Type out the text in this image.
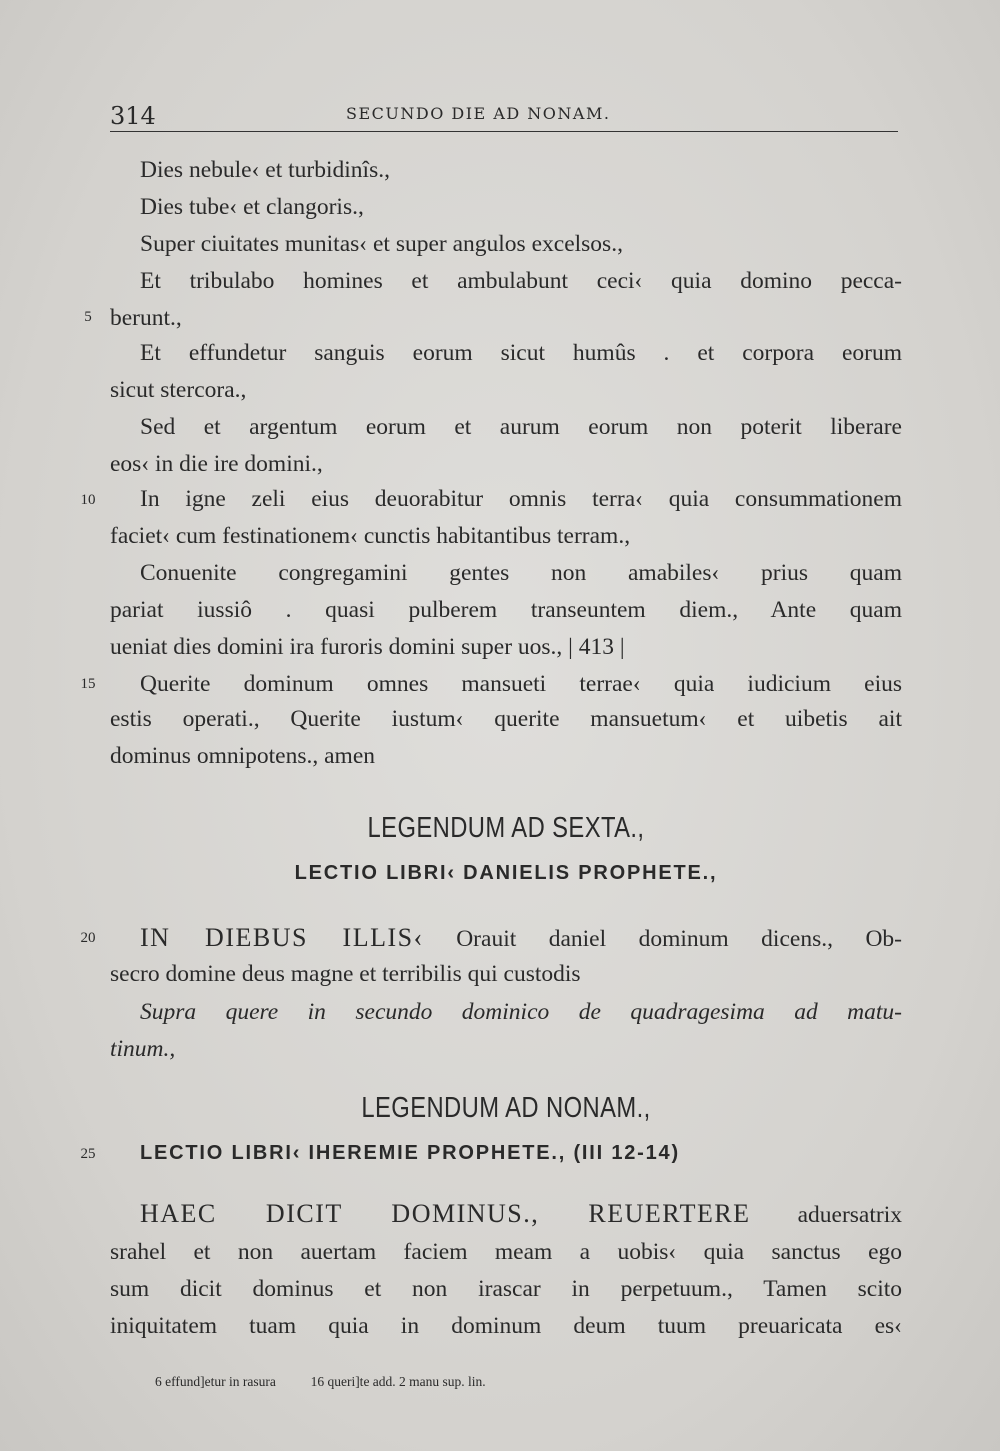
314	SECUNDO DIE AD NONAM.
Dies nebule‹ et turbidinîs.,
Dies tube‹ et clangoris.,
Super ciuitates munitas‹ et super angulos excelsos.,
Et tribulabo homines et ambulabunt ceci‹ quia domino pecca-
berunt.,
Et effundetur sanguis eorum sicut humûs . et corpora eorum
sicut stercora.,
Sed et argentum eorum et aurum eorum non poterit liberare
eos‹ in die ire domini.,
In igne zeli eius deuorabitur omnis terra‹ quia consummationem
faciet‹ cum festinationem‹ cunctis habitantibus terram.,
Conuenite congregamini gentes non amabiles‹ prius quam
pariat iussiô . quasi pulberem transeuntem diem., Ante quam
ueniat dies domini ira furoris domini super uos., | 413 |
Querite dominum omnes mansueti terrae‹ quia iudicium eius
estis operati., Querite iustum‹ querite mansuetum‹ et uibetis ait
dominus omnipotens., amen
5
10
15
20
25
LEGENDUM AD SEXTA.,
LECTIO LIBRI‹ DANIELIS PROPHETE.,
IN DIEBUS ILLIS‹ Orauit daniel dominum dicens., Ob-
secro domine deus magne et terribilis qui custodis
Supra quere in secundo dominico de quadragesima ad matu-
tinum.,
LEGENDUM AD NONAM.,
LECTIO LIBRI‹ IHEREMIE PROPHETE., (III 12-14)
HAEC DICIT DOMINUS., REUERTERE aduersatrix
srahel et non auertam faciem meam a uobis‹ quia sanctus ego
sum dicit dominus et non irascar in perpetuum., Tamen scito
iniquitatem tuam quia in dominum deum tuum preuaricata es‹
6 effund]etur in rasura	16 queri]te add. 2 manu sup. lin.
